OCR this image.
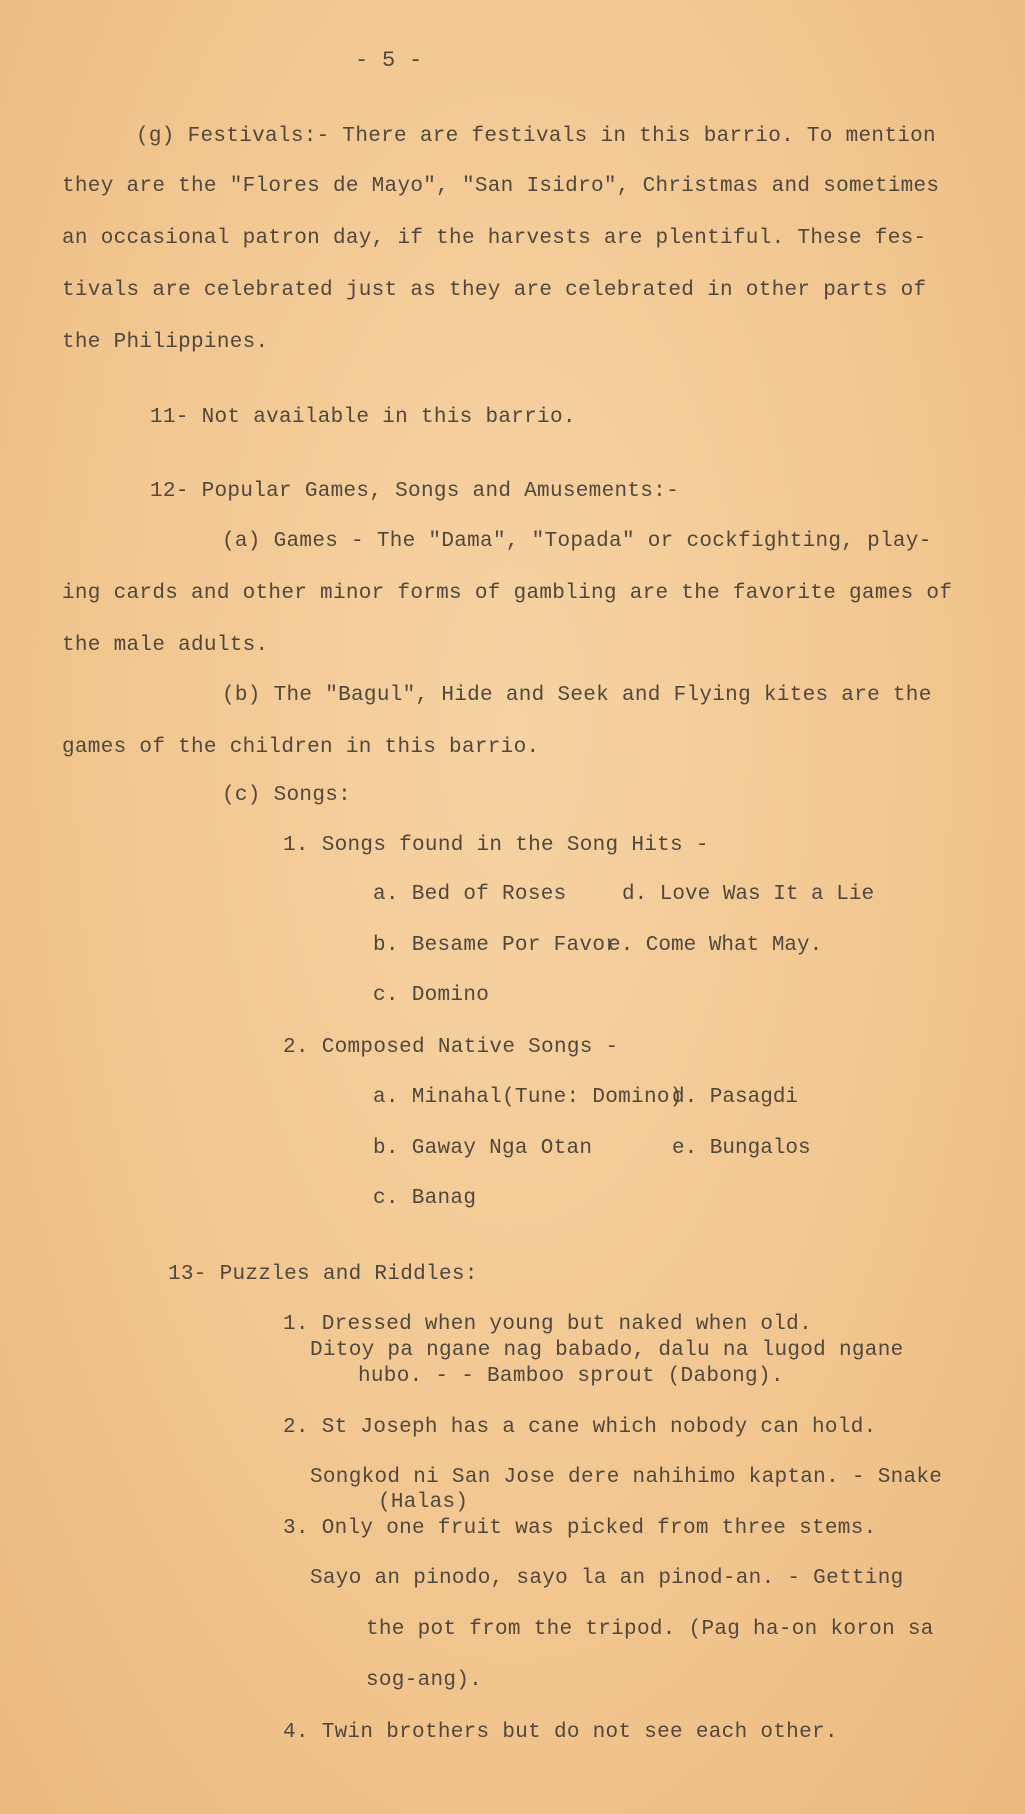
- 5 -
(g) Festivals:- There are festivals in this barrio. To mention
they are the "Flores de Mayo", "San Isidro", Christmas and sometimes
an occasional patron day, if the harvests are plentiful. These fes-
tivals are celebrated just as they are celebrated in other parts of
the Philippines.
11- Not available in this barrio.
12- Popular Games, Songs and Amusements:-
(a) Games - The "Dama", "Topada" or cockfighting, play-
ing cards and other minor forms of gambling are the favorite games of
the male adults.
(b) The "Bagul", Hide and Seek and Flying kites are the
games of the children in this barrio.
(c) Songs:
1. Songs found in the Song Hits -
a. Bed of Roses	d. Love Was It a Lie
b. Besame Por Favor
e. Come What May.
c. Domino
2. Composed Native Songs -
a. Minahal(Tune: Domino)
d. Pasagdi
b. Gaway Nga Otan	e. Bungalos
c. Banag
13- Puzzles and Riddles:
1. Dressed when young but naked when old.
Ditoy pa ngane nag babado, dalu na lugod ngane
hubo. - - Bamboo sprout (Dabong).
2. St Joseph has a cane which nobody can hold.
Songkod ni San Jose dere nahihimo kaptan. - Snake
(Halas)
3. Only one fruit was picked from three stems.
Sayo an pinodo, sayo la an pinod-an. - Getting
the pot from the tripod. (Pag ha-on koron sa
sog-ang).
4. Twin brothers but do not see each other.
